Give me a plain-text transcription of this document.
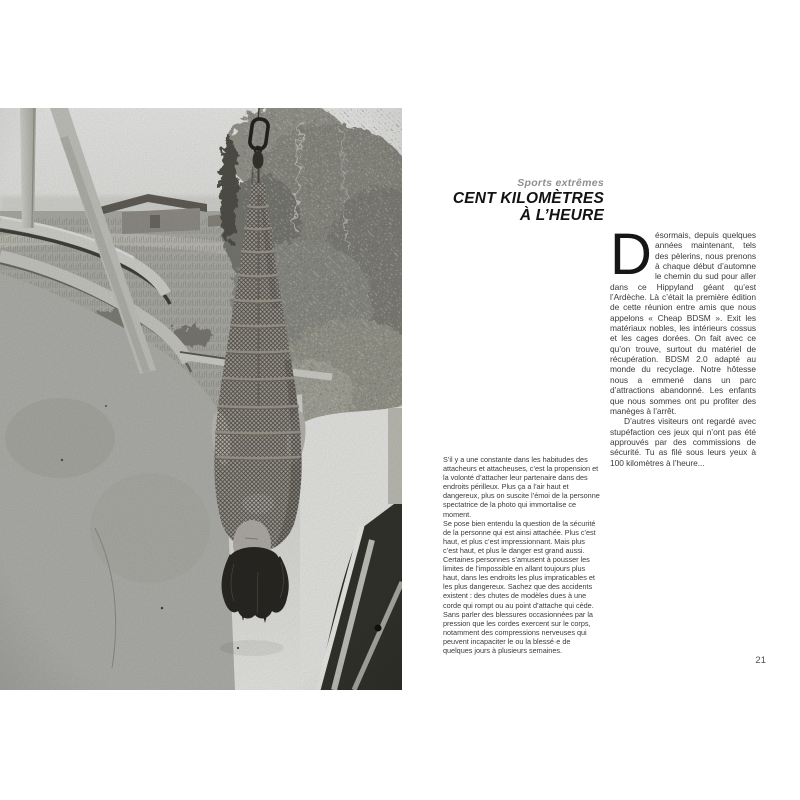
Sports extrêmes
CENT KILOMÈTRES
À L’HEURE

Désormais, depuis quelques années maintenant, tels des pèlerins, nous prenons à chaque début d’automne le chemin du sud pour aller dans ce Hippyland géant qu’est l’Ardèche. Là c’était la première édition de cette réunion entre amis que nous appelons « Cheap BDSM ». Exit les matériaux nobles, les intérieurs cossus et les cages dorées. On fait avec ce qu’on trouve, surtout du matériel de récupération. BDSM 2.0 adapté au monde du recyclage. Notre hôtesse nous a emmené dans un parc d’attractions abandonné. Les enfants que nous sommes ont pu profiter des manèges à l’arrêt.

D’autres visiteurs ont regardé avec stupéfaction ces jeux qui n’ont pas été approuvés par des commissions de sécurité. Tu as filé sous leurs yeux à 100 kilomètres à l’heure...

S’il y a une constante dans les habitudes des attacheurs et attacheuses, c’est la propension et la volonté d’attacher leur partenaire dans des endroits périlleux. Plus ça a l’air haut et dangereux, plus on suscite l’émoi de la personne spectatrice de la photo qui immortalise ce moment.

Se pose bien entendu la question de la sécurité de la personne qui est ainsi attachée. Plus c’est haut, et plus c’est impressionnant. Mais plus c’est haut, et plus le danger est grand aussi. Certaines personnes s’amusent à pousser les limites de l’impossible en allant toujours plus haut, dans les endroits les plus impraticables et les plus dangereux. Sachez que des accidents existent : des chutes de modèles dues à une corde qui rompt ou au point d’attache qui cède. Sans parler des blessures occasionnées par la pression que les cordes exercent sur le corps, notamment des compressions nerveuses qui peuvent incapaciter le ou la blessé·e de quelques jours à plusieurs semaines.

21
